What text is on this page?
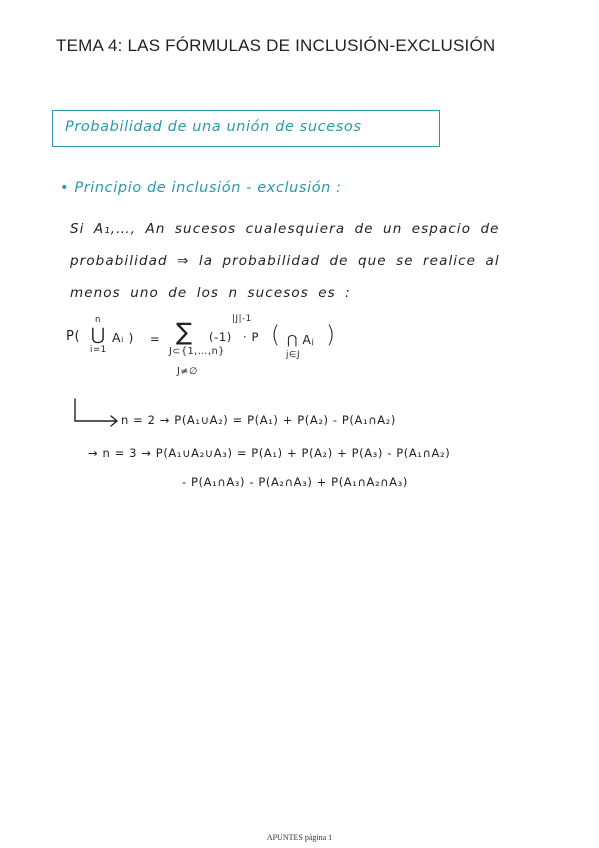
TEMA 4: LAS FÓRMULAS DE INCLUSIÓN-EXCLUSIÓN
Probabilidad de una unión de sucesos
• Principio de inclusión - exclusión :
Si A₁,…, An sucesos cualesquiera de un espacio de
probabilidad ⇒ la probabilidad de que se realice al
menos uno de los n sucesos es :
P(
n
⋃
i=1
Aᵢ ) = ∑
J⊂{1,…,n}
J≠∅
(-1)
|J|-1
· P ( ⋂ Aⱼ
j∈J
)
n = 2 → P(A₁∪A₂) = P(A₁) + P(A₂) - P(A₁∩A₂)
→ n = 3 → P(A₁∪A₂∪A₃) = P(A₁) + P(A₂) + P(A₃) - P(A₁∩A₂)
- P(A₁∩A₃) - P(A₂∩A₃) + P(A₁∩A₂∩A₃)
APUNTES página 1
